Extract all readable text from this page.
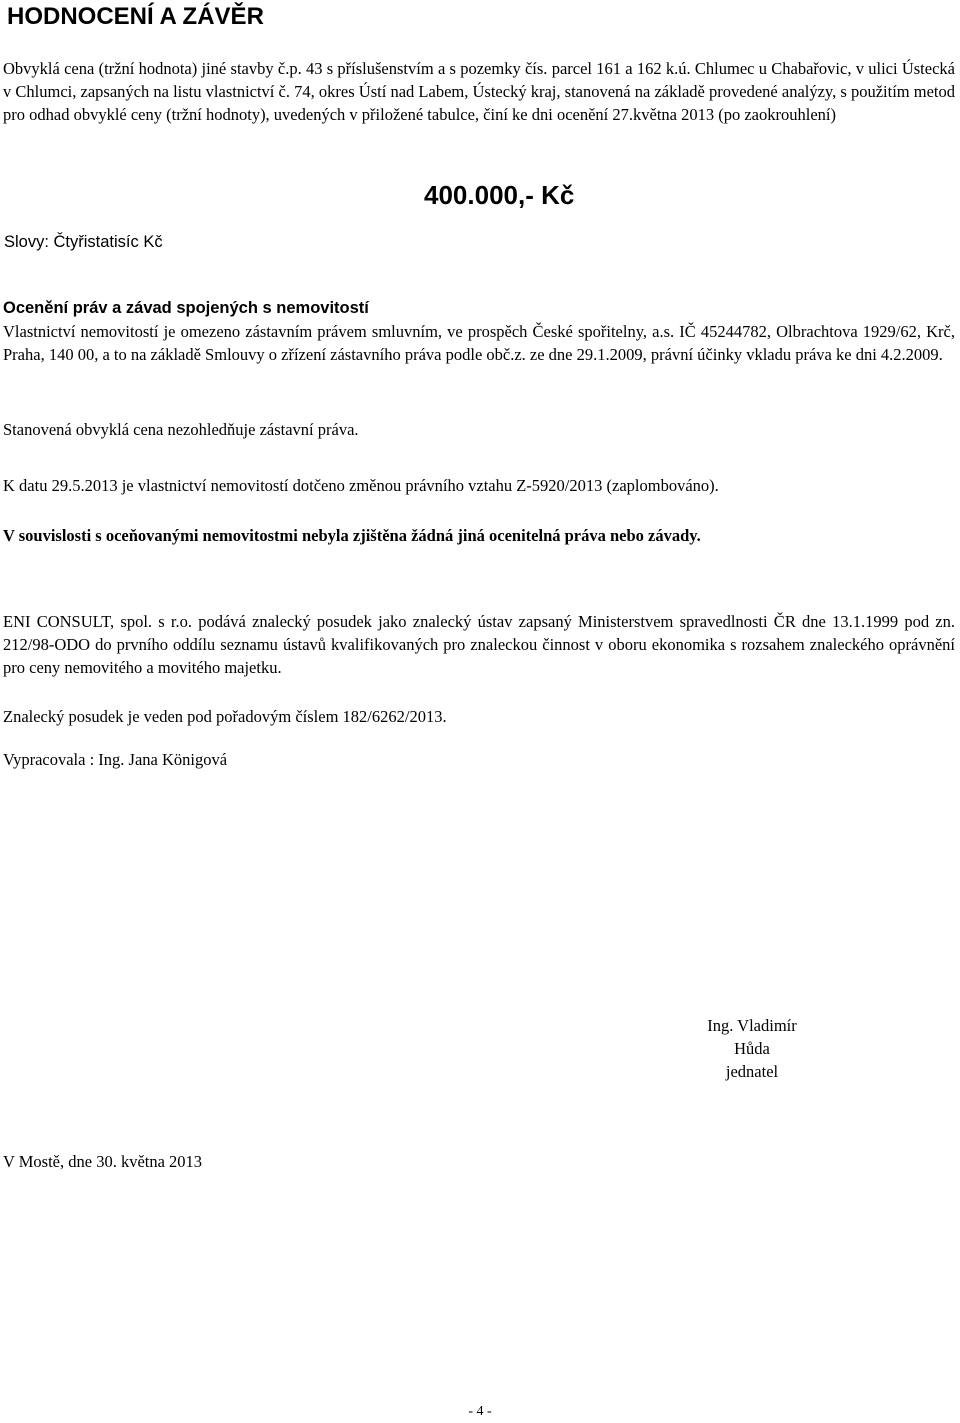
HODNOCENÍ A ZÁVĚR
Obvyklá cena (tržní hodnota) jiné stavby č.p. 43 s příslušenstvím a s pozemky čís. parcel 161 a 162 k.ú. Chlumec u Chabařovic, v ulici Ústecká v Chlumci, zapsaných na listu vlastnictví č. 74, okres Ústí nad Labem, Ústecký kraj, stanovená na základě provedené analýzy, s použitím metod pro odhad obvyklé ceny (tržní hodnoty), uvedených v přiložené tabulce, činí ke dni ocenění 27.května 2013 (po zaokrouhlení)
400.000,- Kč
Slovy: Čtyřistatisíc Kč
Ocenění práv a závad spojených s nemovitostí
Vlastnictví nemovitostí je omezeno zástavním právem smluvním, ve prospěch České spořitelny, a.s. IČ 45244782, Olbrachtova 1929/62, Krč, Praha, 140 00, a to na základě Smlouvy o zřízení zástavního práva podle obč.z. ze dne 29.1.2009, právní účinky vkladu práva ke dni 4.2.2009.
Stanovená obvyklá cena nezohledňuje zástavní práva.
K datu 29.5.2013 je vlastnictví nemovitostí dotčeno změnou právního vztahu Z-5920/2013 (zaplombováno).
V souvislosti s oceňovanými nemovitostmi nebyla zjištěna žádná jiná ocenitelná práva nebo závady.
ENI CONSULT, spol. s r.o. podává znalecký posudek jako znalecký ústav zapsaný Ministerstvem spravedlnosti ČR dne 13.1.1999 pod zn. 212/98-ODO do prvního oddílu seznamu ústavů kvalifikovaných pro znaleckou činnost v oboru ekonomika s rozsahem znaleckého oprávnění pro ceny nemovitého a movitého majetku.
Znalecký posudek je veden pod pořadovým číslem 182/6262/2013.
Vypracovala : Ing. Jana Königová
Ing. Vladimír Hůda
jednatel
V Mostě, dne 30. května 2013
- 4 -
